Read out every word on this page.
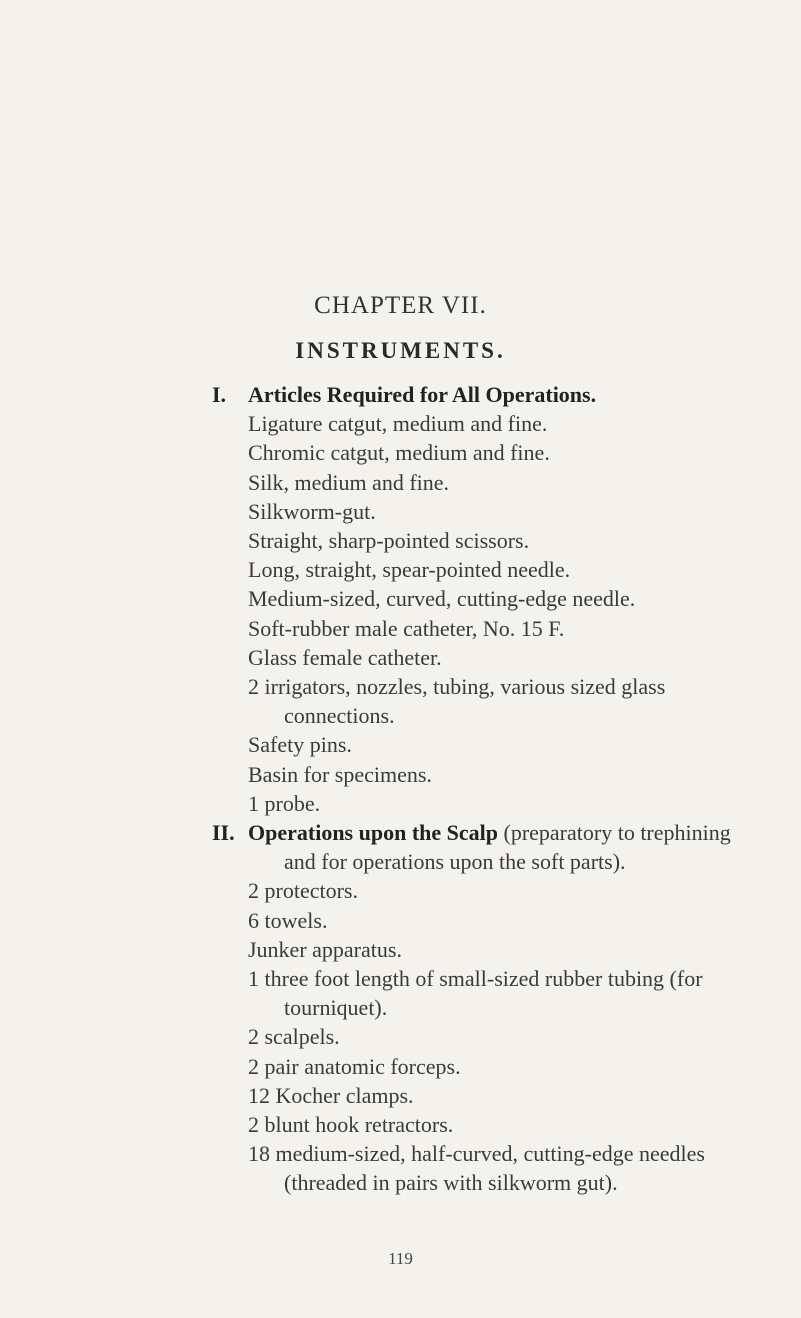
CHAPTER VII.
INSTRUMENTS.
I. Articles Required for All Operations.
Ligature catgut, medium and fine.
Chromic catgut, medium and fine.
Silk, medium and fine.
Silkworm-gut.
Straight, sharp-pointed scissors.
Long, straight, spear-pointed needle.
Medium-sized, curved, cutting-edge needle.
Soft-rubber male catheter, No. 15 F.
Glass female catheter.
2 irrigators, nozzles, tubing, various sized glass
connections.
Safety pins.
Basin for specimens.
1 probe.
II. Operations upon the Scalp (preparatory to trephining
and for operations upon the soft parts).
2 protectors.
6 towels.
Junker apparatus.
1 three foot length of small-sized rubber tubing (for
tourniquet).
2 scalpels.
2 pair anatomic forceps.
12 Kocher clamps.
2 blunt hook retractors.
18 medium-sized, half-curved, cutting-edge needles
(threaded in pairs with silkworm gut).
119
